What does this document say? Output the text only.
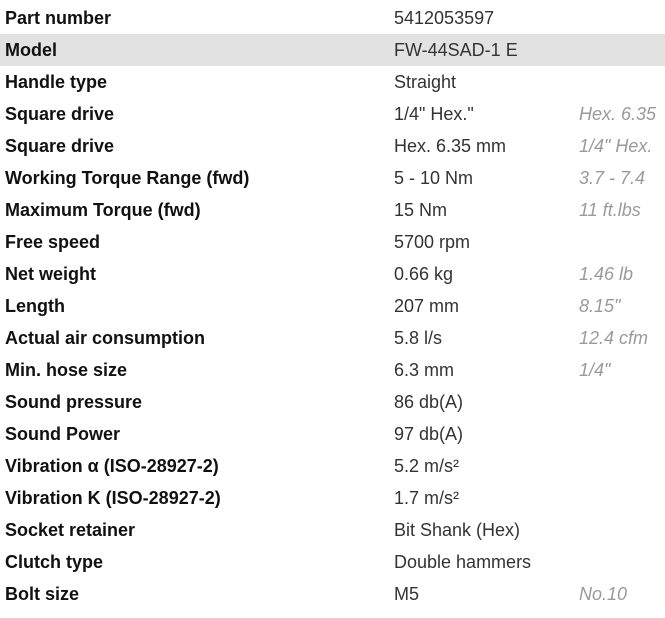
Part number	5412053597	
Model	FW-44SAD-1 E	
Handle type	Straight	
Square drive	1/4" Hex."	Hex. 6.35
Square drive	Hex. 6.35 mm	1/4" Hex.
Working Torque Range (fwd)	5 - 10 Nm	3.7 - 7.4
Maximum Torque (fwd)	15 Nm	11 ft.lbs
Free speed	5700 rpm	
Net weight	0.66 kg	1.46 lb
Length	207 mm	8.15"
Actual air consumption	5.8 l/s	12.4 cfm
Min. hose size	6.3 mm	1/4"
Sound pressure	86 db(A)	
Sound Power	97 db(A)	
Vibration α (ISO-28927-2)	5.2 m/s²	
Vibration K (ISO-28927-2)	1.7 m/s²	
Socket retainer	Bit Shank (Hex)	
Clutch type	Double hammers	
Bolt size	M5	No.10
